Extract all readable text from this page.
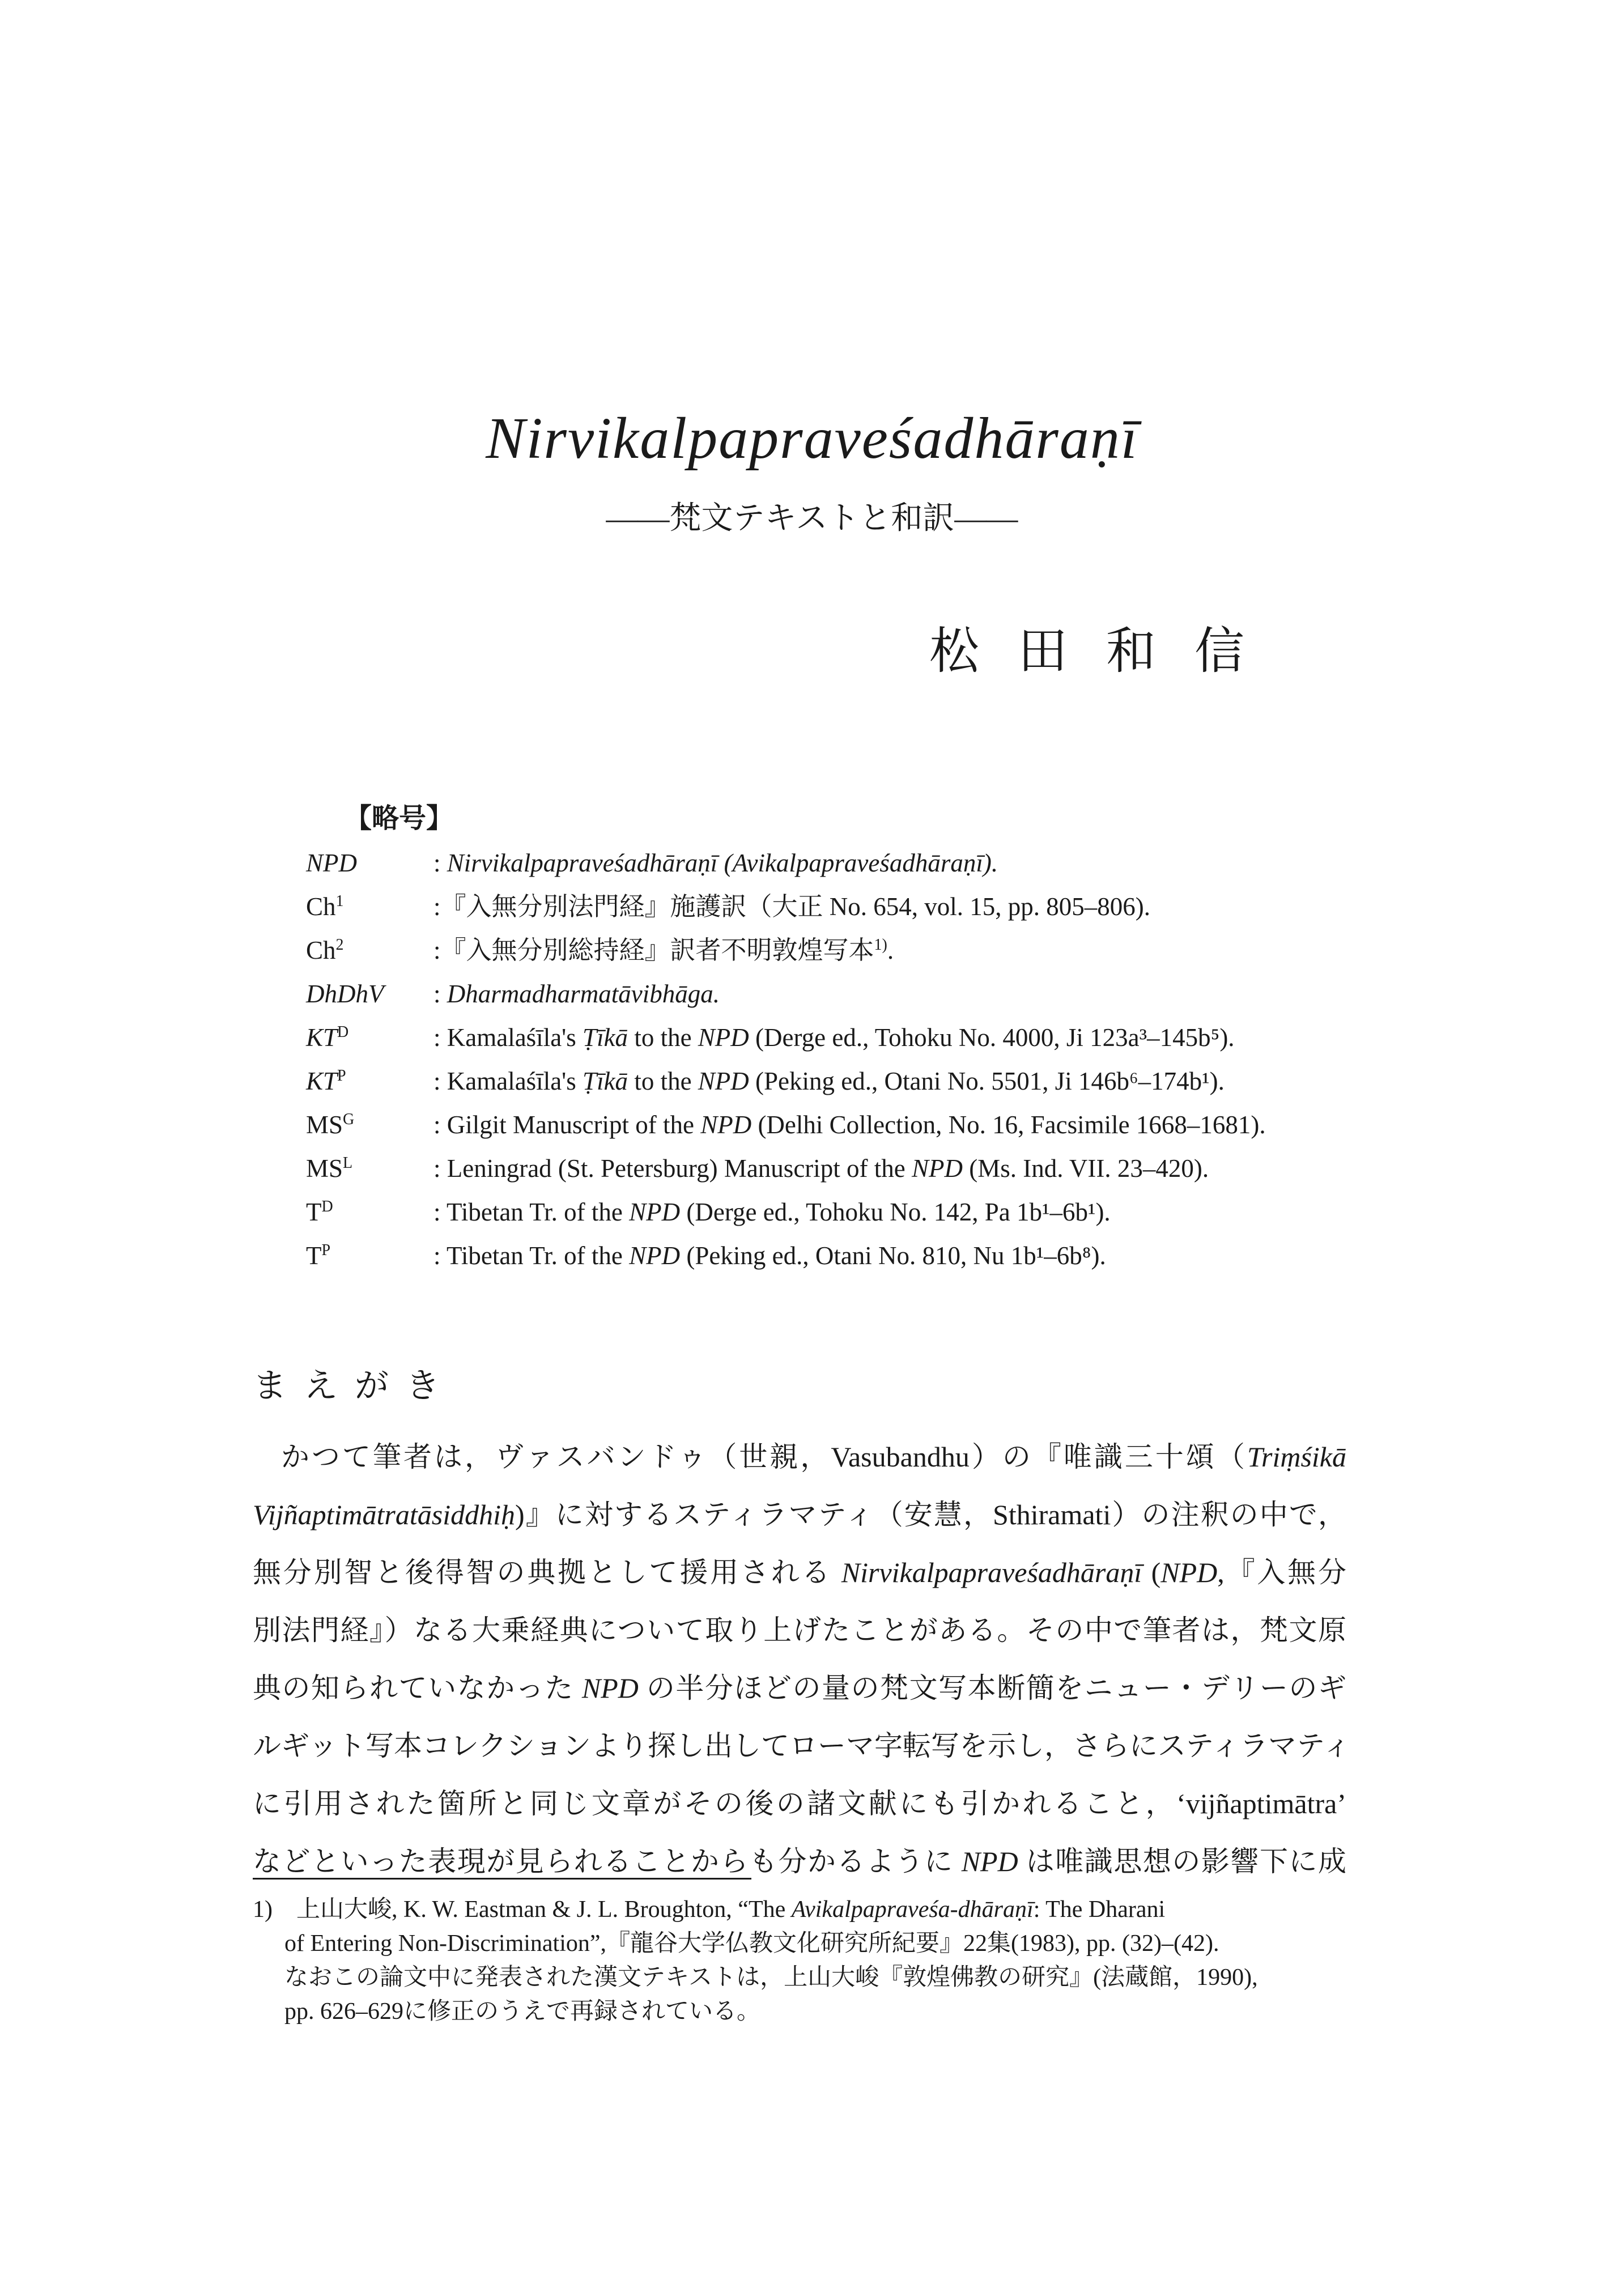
Nirvikalpapraveśadhāraṇī
——梵文テキストと和訳——
松田和信
【略号】
NPD	: Nirvikalpapraveśadhāraṇī (Avikalpapraveśadhāraṇī).
Ch$^1$	:『入無分別法門経』施護訳（大正 No. 654, vol. 15, pp. 805–806).
Ch$^2$	:『入無分別総持経』訳者不明敦煌写本$^{1)}$.
DhDhV	: Dharmadharmatāvibhāga.
$KT^D$	: Kamalaśīla's Ṭīkā to the NPD (Derge ed., Tohoku No. 4000, Ji 123a³–145b⁵).
$KT^P$	: Kamalaśīla's Ṭīkā to the NPD (Peking ed., Otani No. 5501, Ji 146b⁶–174b¹).
$MS^G$	: Gilgit Manuscript of the NPD (Delhi Collection, No. 16, Facsimile 1668–1681).
$MS^L$	: Leningrad (St. Petersburg) Manuscript of the NPD (Ms. Ind. VII. 23–420).
$T^D$	: Tibetan Tr. of the NPD (Derge ed., Tohoku No. 142, Pa 1b¹–6b¹).
$T^P$	: Tibetan Tr. of the NPD (Peking ed., Otani No. 810, Nu 1b¹–6b⁸).
まえがき
かつて筆者は，ヴァスバンドゥ（世親，Vasubandhu）の『唯識三十頌（Triṃśikā
Vijñaptimātratāsiddhiḥ)』に対するスティラマティ（安慧，Sthiramati）の注釈の中で，
無分別智と後得智の典拠として援用される Nirvikalpapraveśadhāraṇī (NPD,『入無分
別法門経』）なる大乗経典について取り上げたことがある。その中で筆者は，梵文原
典の知られていなかった NPD の半分ほどの量の梵文写本断簡をニュー・デリーのギ
ルギット写本コレクションより探し出してローマ字転写を示し，さらにスティラマティ
に引用された箇所と同じ文章がその後の諸文献にも引かれること，‘vijñaptimātra’
などといった表現が見られることからも分かるように NPD は唯識思想の影響下に成
1)　上山大峻, K. W. Eastman & J. L. Broughton, “The Avikalpapraveśa-dhāraṇī: The Dharani
of Entering Non-Discrimination”,『龍谷大学仏教文化研究所紀要』22集(1983), pp. (32)–(42).
なおこの論文中に発表された漢文テキストは，上山大峻『敦煌佛教の研究』(法蔵館，1990),
pp. 626–629に修正のうえで再録されている。
